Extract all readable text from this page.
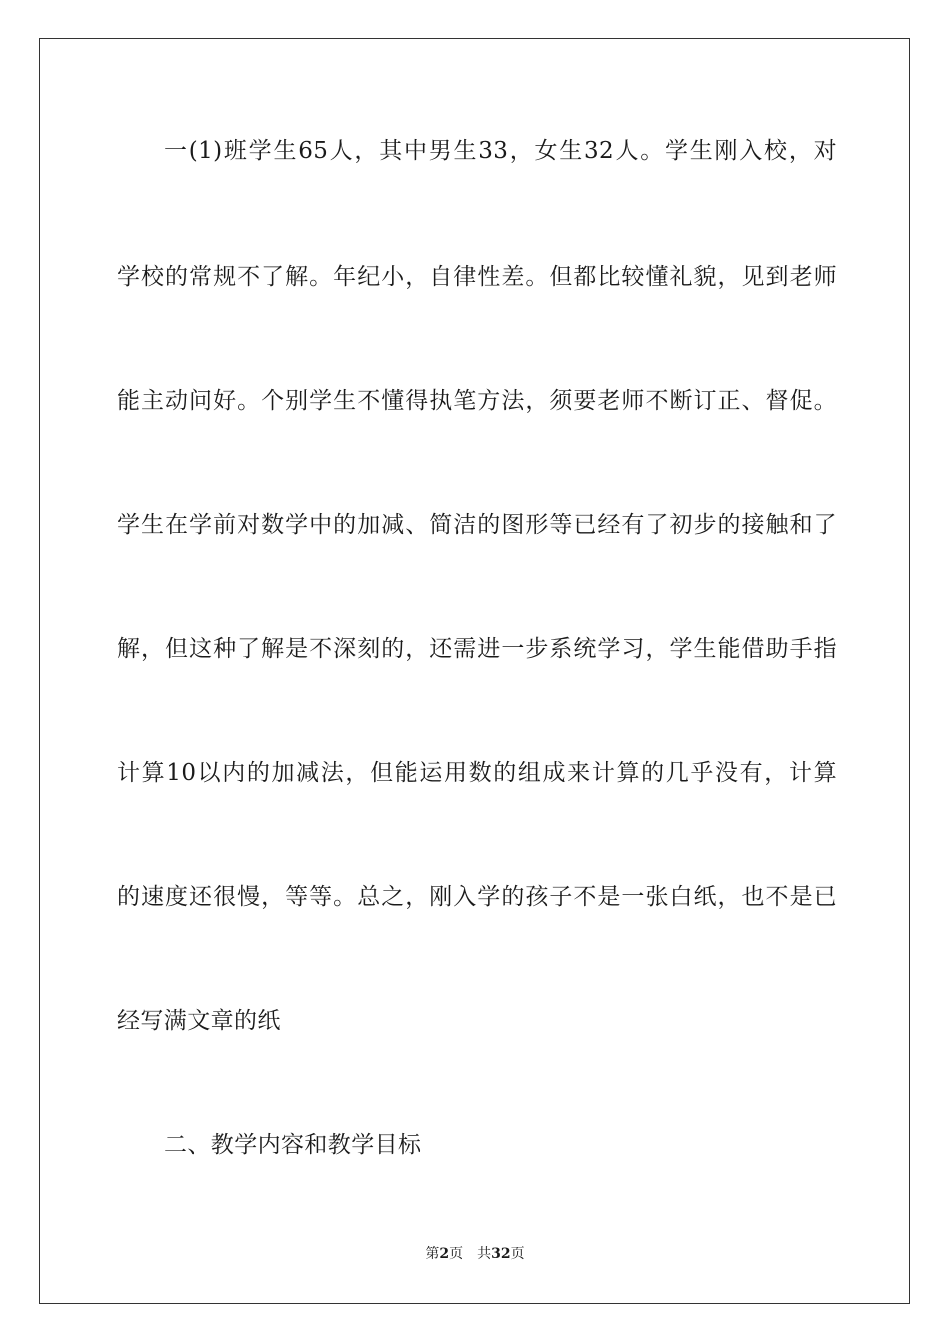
一(1)班学生65人，其中男生33，女生32人。学生刚入校，对
学校的常规不了解。年纪小，自律性差。但都比较懂礼貌，见到老师
能主动问好。个别学生不懂得执笔方法，须要老师不断订正、督促。
学生在学前对数学中的加减、简洁的图形等已经有了初步的接触和了
解，但这种了解是不深刻的，还需进一步系统学习，学生能借助手指
计算10以内的加减法，但能运用数的组成来计算的几乎没有，计算
的速度还很慢，等等。总之，刚入学的孩子不是一张白纸，也不是已
经写满文章的纸
二、教学内容和教学目标
第2页 共32页
